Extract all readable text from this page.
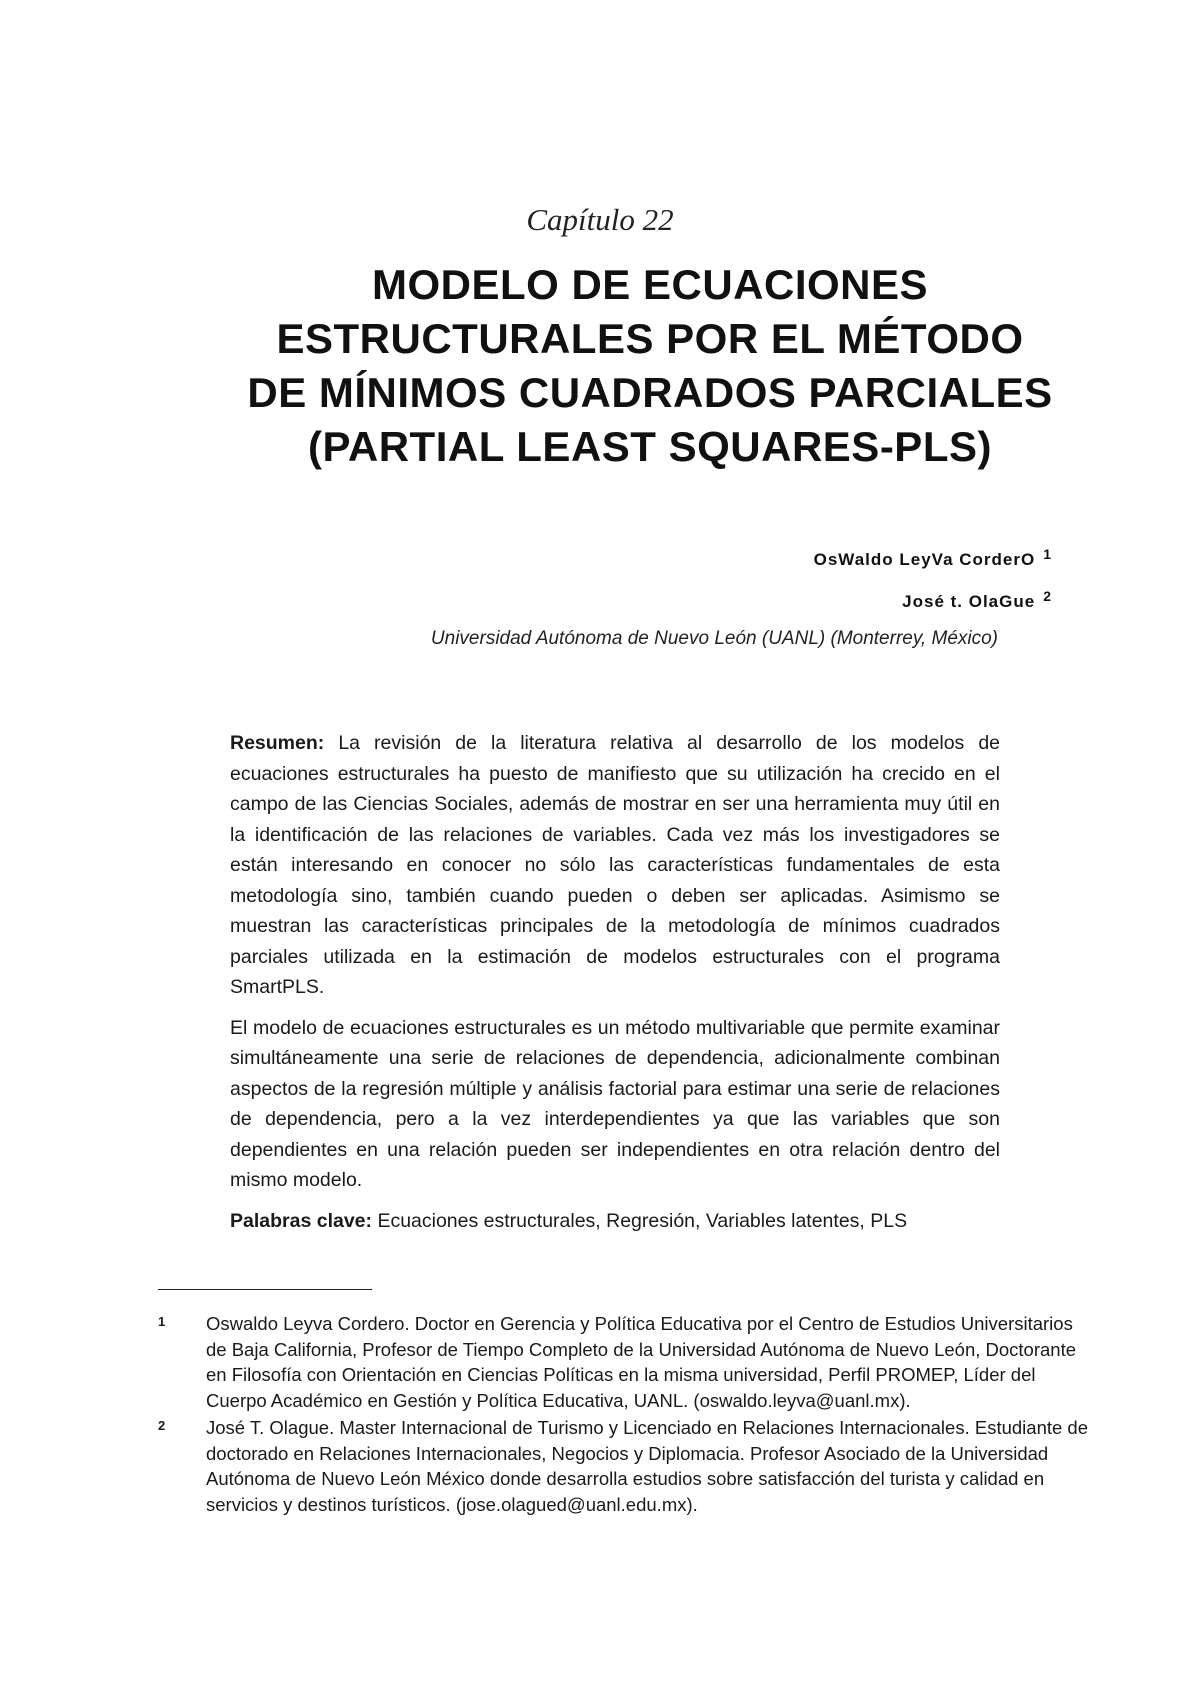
Capítulo 22
MODELO DE ECUACIONES
ESTRUCTURALES POR EL MÉTODO
DE MÍNIMOS CUADRADOS PARCIALES
(PARTIAL LEAST SQUARES-PLS)
OsWaldo LeyVa CorderO $^1$
José t. OlaGue $^2$
Universidad Autónoma de Nuevo León (UANL) (Monterrey, México)

Resumen: La revisión de la literatura relativa al desarrollo de los modelos de ecuaciones estructurales ha puesto de manifiesto que su utilización ha crecido en el campo de las Ciencias Sociales, además de mostrar en ser una herramienta muy útil en la identificación de las relaciones de variables. Cada vez más los investigadores se están interesando en conocer no sólo las características fundamentales de esta metodología sino, también cuando pueden o deben ser aplicadas. Asimismo se muestran las características principales de la metodología de mínimos cuadrados parciales utilizada en la estimación de modelos estructurales con el programa SmartPLS.

El modelo de ecuaciones estructurales es un método multivariable que permite examinar simultáneamente una serie de relaciones de dependencia, adicionalmente combinan aspectos de la regresión múltiple y análisis factorial para estimar una serie de relaciones de dependencia, pero a la vez interdependientes ya que las variables que son dependientes en una relación pueden ser independientes en otra relación dentro del mismo modelo.

Palabras clave: Ecuaciones estructurales, Regresión, Variables latentes, PLS

1 Oswaldo Leyva Cordero. Doctor en Gerencia y Política Educativa por el Centro de Estudios Universitarios de Baja California, Profesor de Tiempo Completo de la Universidad Autónoma de Nuevo León, Doctorante en Filosofía con Orientación en Ciencias Políticas en la misma universidad, Perfil PROMEP, Líder del Cuerpo Académico en Gestión y Política Educativa, UANL. (oswaldo.leyva@uanl.mx).
2 José T. Olague. Master Internacional de Turismo y Licenciado en Relaciones Internacionales. Estudiante de doctorado en Relaciones Internacionales, Negocios y Diplomacia. Profesor Asociado de la Universidad Autónoma de Nuevo León México donde desarrolla estudios sobre satisfacción del turista y calidad en servicios y destinos turísticos. (jose.olagued@uanl.edu.mx).
